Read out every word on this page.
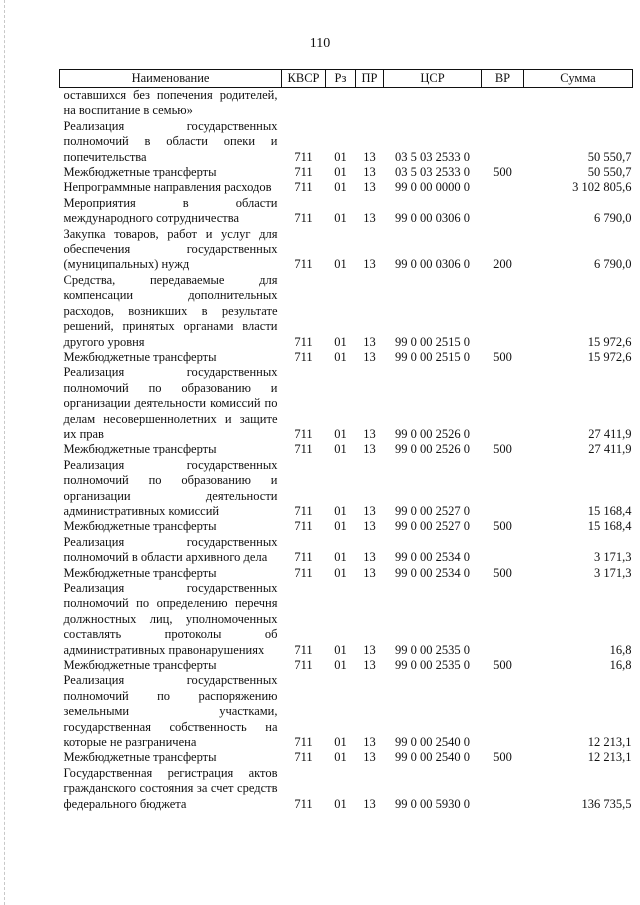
110
Наименование	КВСР	Рз	ПР	ЦСР	ВР	Сумма
оставшихся без попечения родителей, на воспитание в семью»						
Реализация государственных полномочий в области опеки и попечительства	711	01	13	03 5 03 2533 0		50 550,7
Межбюджетные трансферты	711	01	13	03 5 03 2533 0	500	50 550,7
Непрограммные направления расходов	711	01	13	99 0 00 0000 0		3 102 805,6
Мероприятия в области международного сотрудничества	711	01	13	99 0 00 0306 0		6 790,0
Закупка товаров, работ и услуг для обеспечения государственных (муниципальных) нужд	711	01	13	99 0 00 0306 0	200	6 790,0
Средства, передаваемые для компенсации дополнительных расходов, возникших в результате решений, принятых органами власти другого уровня	711	01	13	99 0 00 2515 0		15 972,6
Межбюджетные трансферты	711	01	13	99 0 00 2515 0	500	15 972,6
Реализация государственных полномочий по образованию и организации деятельности комиссий по делам несовершеннолетних и защите их прав	711	01	13	99 0 00 2526 0		27 411,9
Межбюджетные трансферты	711	01	13	99 0 00 2526 0	500	27 411,9
Реализация государственных полномочий по образованию и организации деятельности административных комиссий	711	01	13	99 0 00 2527 0		15 168,4
Межбюджетные трансферты	711	01	13	99 0 00 2527 0	500	15 168,4
Реализация государственных полномочий в области архивного дела	711	01	13	99 0 00 2534 0		3 171,3
Межбюджетные трансферты	711	01	13	99 0 00 2534 0	500	3 171,3
Реализация государственных полномочий по определению перечня должностных лиц, уполномоченных составлять протоколы об административных правонарушениях	711	01	13	99 0 00 2535 0		16,8
Межбюджетные трансферты	711	01	13	99 0 00 2535 0	500	16,8
Реализация государственных полномочий по распоряжению земельными участками, государственная собственность на которые не разграничена	711	01	13	99 0 00 2540 0		12 213,1
Межбюджетные трансферты	711	01	13	99 0 00 2540 0	500	12 213,1
Государственная регистрация актов гражданского состояния за счет средств федерального бюджета	711	01	13	99 0 00 5930 0		136 735,5
